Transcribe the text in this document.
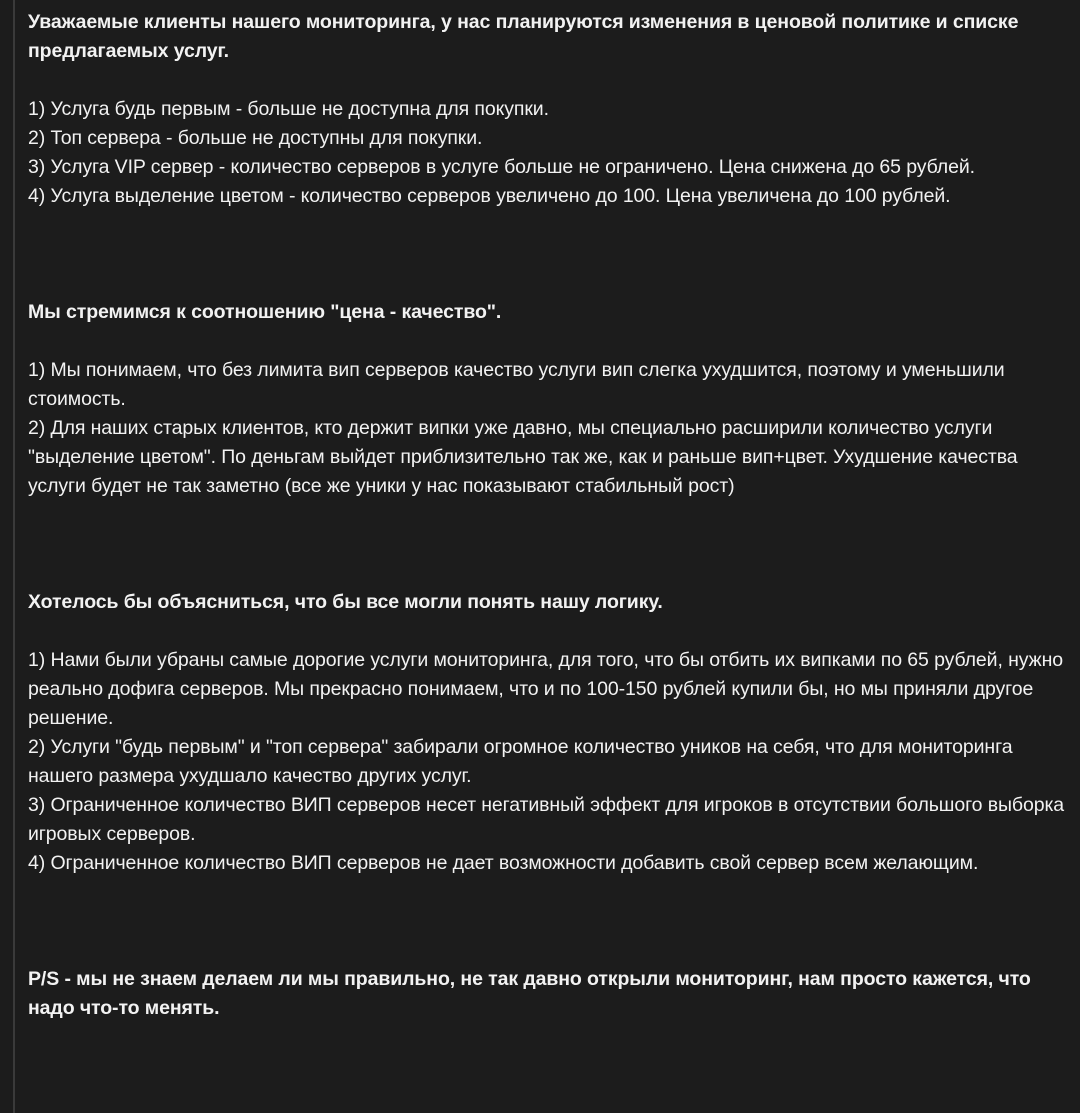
Уважаемые клиенты нашего мониторинга, у нас планируются изменения в ценовой политике и списке предлагаемых услуг.

1) Услуга будь первым - больше не доступна для покупки.

2) Топ сервера - больше не доступны для покупки.

3) Услуга VIP сервер - количество серверов в услуге больше не ограничено. Цена снижена до 65 рублей.

4) Услуга выделение цветом - количество серверов увеличено до 100. Цена увеличена до 100 рублей.

Мы стремимся к соотношению "цена - качество".

1) Мы понимаем, что без лимита вип серверов качество услуги вип слегка ухудшится, поэтому и уменьшили стоимость.

2) Для наших старых клиентов, кто держит випки уже давно, мы специально расширили количество услуги "выделение цветом". По деньгам выйдет приблизительно так же, как и раньше вип+цвет. Ухудшение качества услуги будет не так заметно (все же уники у нас показывают стабильный рост)

Хотелось бы объясниться, что бы все могли понять нашу логику.

1) Нами были убраны самые дорогие услуги мониторинга, для того, что бы отбить их випками по 65 рублей, нужно реально дофига серверов. Мы прекрасно понимаем, что и по 100-150 рублей купили бы, но мы приняли другое решение.

2) Услуги "будь первым" и "топ сервера" забирали огромное количество уников на себя, что для мониторинга нашего размера ухудшало качество других услуг.

3) Ограниченное количество ВИП серверов несет негативный эффект для игроков в отсутствии большого выборка игровых серверов.

4) Ограниченное количество ВИП серверов не дает возможности добавить свой сервер всем желающим.

P/S - мы не знаем делаем ли мы правильно, не так давно открыли мониторинг, нам просто кажется, что надо что-то менять.
